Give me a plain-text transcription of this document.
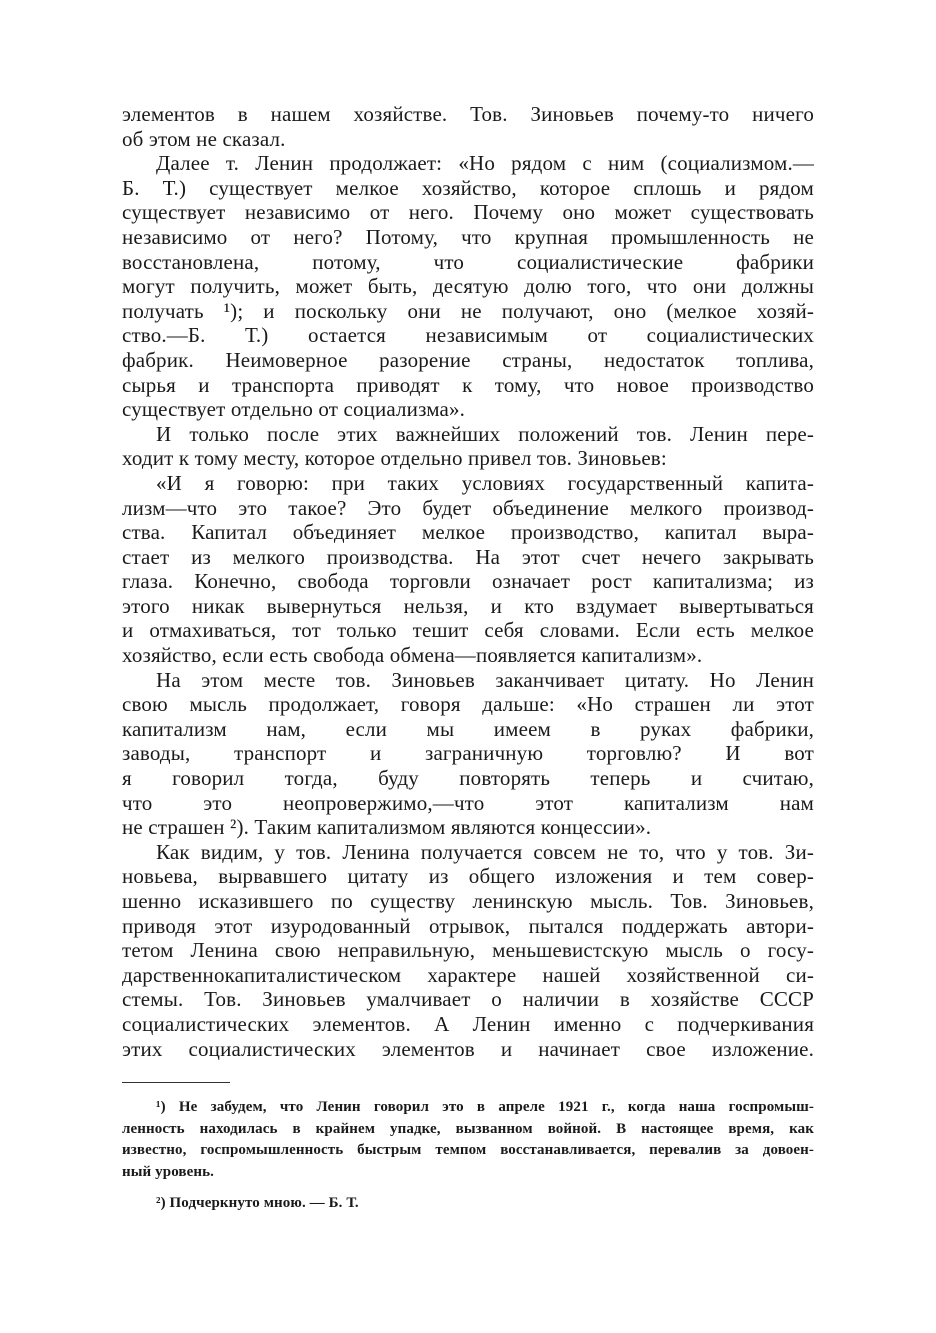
элементов в нашем хозяйстве. Тов. Зиновьев почему-то ничего
об этом не сказал.
Далее т. Ленин продолжает: «Но рядом с ним (социализмом.—
Б. Т.) существует мелкое хозяйство, которое сплошь и рядом
существует независимо от него. Почему оно может существовать
независимо от него? Потому, что крупная промышленность не
восстановлена, потому, что социалистические фабрики
могут получить, может быть, десятую долю того, что они должны
получать ¹); и поскольку они не получают, оно (мелкое хозяй-
ство.—Б. Т.) остается независимым от социалистических
фабрик. Неимоверное разорение страны, недостаток топлива,
сырья и транспорта приводят к тому, что новое производство
существует отдельно от социализма».
И только после этих важнейших положений тов. Ленин пере-
ходит к тому месту, которое отдельно привел тов. Зиновьев:
«И я говорю: при таких условиях государственный капита-
лизм—что это такое? Это будет объединение мелкого производ-
ства. Капитал объединяет мелкое производство, капитал выра-
стает из мелкого производства. На этот счет нечего закрывать
глаза. Конечно, свобода торговли означает рост капитализма; из
этого никак вывернуться нельзя, и кто вздумает вывертываться
и отмахиваться, тот только тешит себя словами. Если есть мелкое
хозяйство, если есть свобода обмена—появляется капитализм».
На этом месте тов. Зиновьев заканчивает цитату. Но Ленин
свою мысль продолжает, говоря дальше: «Но страшен ли этот
капитализм нам, если мы имеем в руках фабрики,
заводы, транспорт и заграничную торговлю? И вот
я говорил тогда, буду повторять теперь и считаю,
что это неопровержимо,—что этот капитализм нам
не страшен ²). Таким капитализмом являются концессии».
Как видим, у тов. Ленина получается совсем не то, что у тов. Зи-
новьева, вырвавшего цитату из общего изложения и тем совер-
шенно исказившего по существу ленинскую мысль. Тов. Зиновьев,
приводя этот изуродованный отрывок, пытался поддержать автори-
тетом Ленина свою неправильную, меньшевистскую мысль о госу-
дарственнокапиталистическом характере нашей хозяйственной си-
стемы. Тов. Зиновьев умалчивает о наличии в хозяйстве СССР
социалистических элементов. А Ленин именно с подчеркивания
этих социалистических элементов и начинает свое изложение.
¹) Не забудем, что Ленин говорил это в апреле 1921 г., когда наша госпромыш-
ленность находилась в крайнем упадке, вызванном войной. В настоящее время, как
известно, госпромышленность быстрым темпом восстанавливается, перевалив за довоен-
ный уровень.
²) Подчеркнуто мною. — Б. Т.
